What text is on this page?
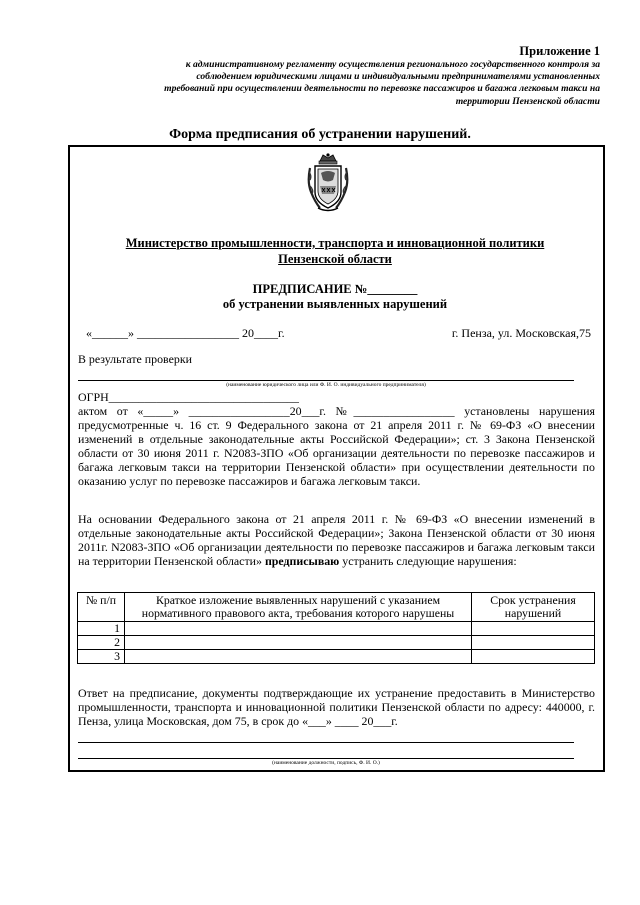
Приложение 1
к административному регламенту осуществления регионального государственного контроля за
соблюдением юридическими лицами и индивидуальными предпринимателями установленных
требований при осуществлении деятельности по перевозке пассажиров и багажа легковым такси на
территории Пензенской области
Форма предписания об устранении нарушений.
Министерство промышленности, транспорта и инновационной политики
Пензенской области
ПРЕДПИСАНИЕ №________
об устранении выявленных нарушений
«______» _________________ 20____г.	г. Пенза, ул. Московская,75
В результате проверки
(наименование юридического лица или Ф. И. О. индивидуального предпринимателя)
ОГРН________________________________
актом от «_____» _________________20___г. №_________________ установлены нарушения предусмотренные ч. 16 ст. 9 Федерального закона от 21 апреля 2011 г. № 69-ФЗ «О внесении изменений в отдельные законодательные акты Российской Федерации»; ст. 3 Закона Пензенской области от 30 июня 2011 г. N2083-ЗПО «Об организации деятельности по перевозке пассажиров и багажа легковым такси на территории Пензенской области» при осуществлении деятельности по оказанию услуг по перевозке пассажиров и багажа легковым такси.
На основании Федерального закона от 21 апреля 2011 г. № 69-ФЗ «О внесении изменений в отдельные законодательные акты Российской Федерации»; Закона Пензенской области от 30 июня 2011г. N2083-ЗПО «Об организации деятельности по перевозке пассажиров и багажа легковым такси на территории Пензенской области» предписываю устранить следующие нарушения:
№ п/п	Краткое изложение выявленных нарушений с указанием нормативного правового акта, требования которого нарушены	Срок устранения нарушений
1		
2		
3		
Ответ на предписание, документы подтверждающие их устранение предоставить в Министерство промышленности, транспорта и инновационной политики Пензенской области по адресу: 440000, г. Пенза, улица Московская, дом 75, в срок до «___» ____ 20___г.
(наименование должности, подпись, Ф. И. О.)
